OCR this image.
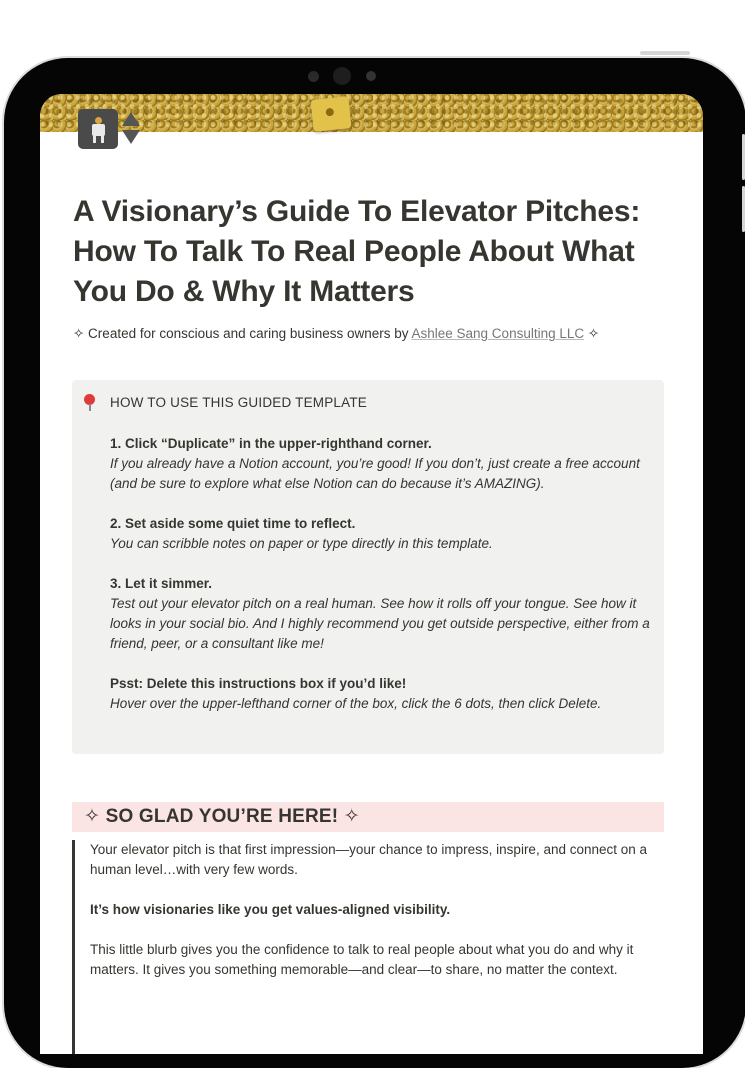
A Visionary’s Guide To Elevator Pitches: How To Talk To Real People About What You Do & Why It Matters
✧ Created for conscious and caring business owners by Ashlee Sang Consulting LLC ✧
HOW TO USE THIS GUIDED TEMPLATE

1. Click “Duplicate” in the upper-righthand corner.
If you already have a Notion account, you’re good! If you don’t, just create a free account (and be sure to explore what else Notion can do because it’s AMAZING).

2. Set aside some quiet time to reflect.
You can scribble notes on paper or type directly in this template.

3. Let it simmer.
Test out your elevator pitch on a real human. See how it rolls off your tongue. See how it looks in your social bio. And I highly recommend you get outside perspective, either from a friend, peer, or a consultant like me!

Psst: Delete this instructions box if you’d like!
Hover over the upper-lefthand corner of the box, click the 6 dots, then click Delete.

✧ SO GLAD YOU’RE HERE! ✧

Your elevator pitch is that first impression—your chance to impress, inspire, and connect on a human level…with very few words.

It’s how visionaries like you get values-aligned visibility.

This little blurb gives you the confidence to talk to real people about what you do and why it matters. It gives you something memorable—and clear—to share, no matter the context.
